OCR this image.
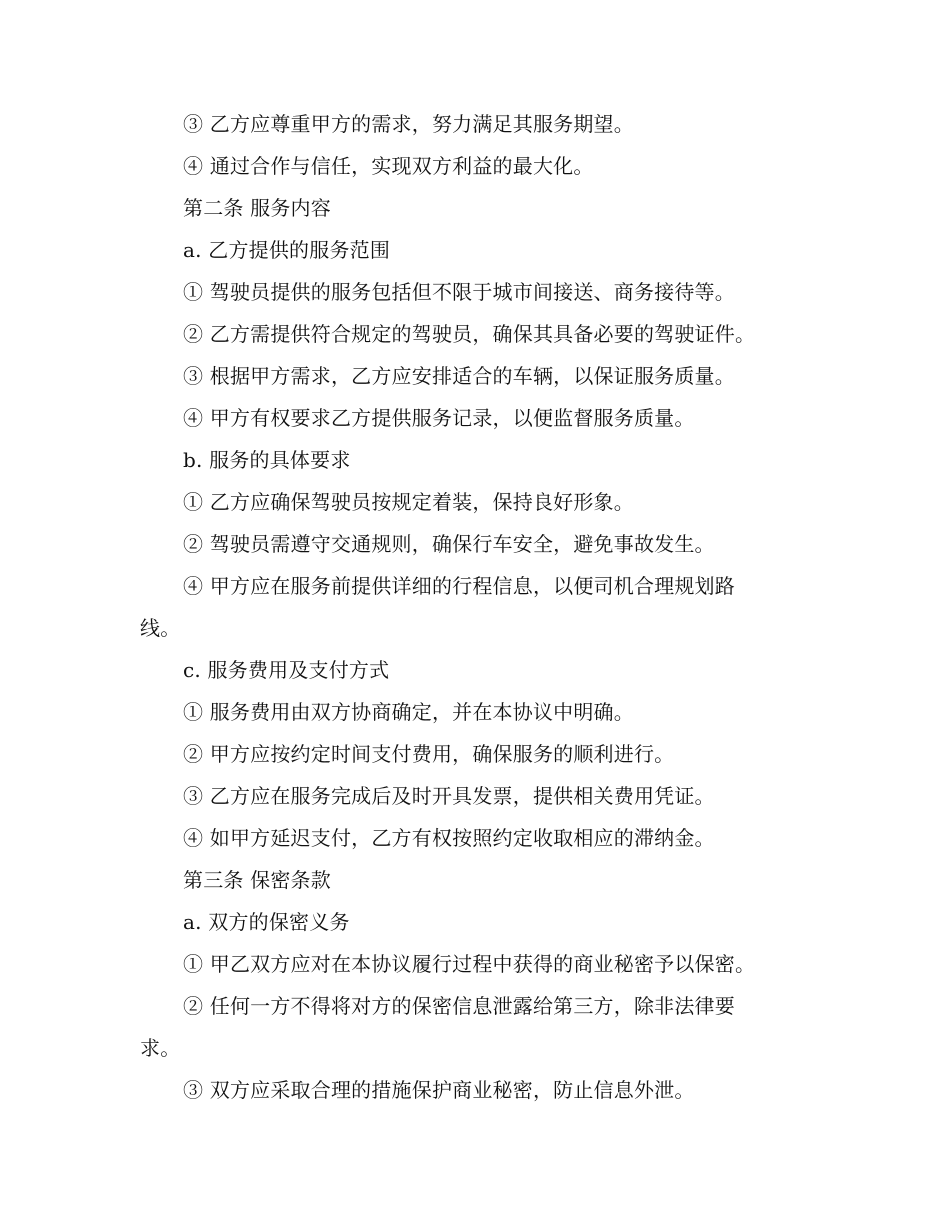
③ 乙方应尊重甲方的需求，努力满足其服务期望。
④ 通过合作与信任，实现双方利益的最大化。
第二条 服务内容
a. 乙方提供的服务范围
① 驾驶员提供的服务包括但不限于城市间接送、商务接待等。
② 乙方需提供符合规定的驾驶员，确保其具备必要的驾驶证件。
③ 根据甲方需求，乙方应安排适合的车辆，以保证服务质量。
④ 甲方有权要求乙方提供服务记录，以便监督服务质量。
b. 服务的具体要求
① 乙方应确保驾驶员按规定着装，保持良好形象。
② 驾驶员需遵守交通规则，确保行车安全，避免事故发生。
④ 甲方应在服务前提供详细的行程信息，以便司机合理规划路
线。
c. 服务费用及支付方式
① 服务费用由双方协商确定，并在本协议中明确。
② 甲方应按约定时间支付费用，确保服务的顺利进行。
③ 乙方应在服务完成后及时开具发票，提供相关费用凭证。
④ 如甲方延迟支付，乙方有权按照约定收取相应的滞纳金。
第三条 保密条款
a. 双方的保密义务
① 甲乙双方应对在本协议履行过程中获得的商业秘密予以保密。
② 任何一方不得将对方的保密信息泄露给第三方，除非法律要
求。
③ 双方应采取合理的措施保护商业秘密，防止信息外泄。
